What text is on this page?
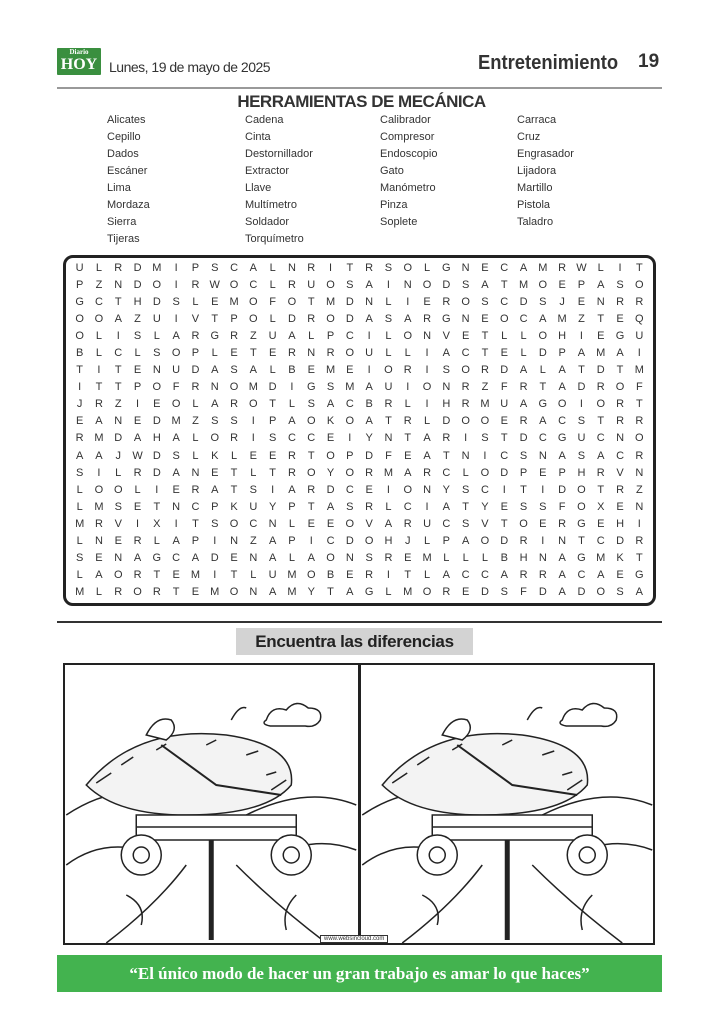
Diario
HOY Lunes, 19 de mayo de 2025	Entretenimiento 19
HERRAMIENTAS DE MECÁNICA
Alicates
Cepillo
Dados
Escáner
Lima
Mordaza
Sierra
Tijeras
Cadena
Cinta
Destornillador
Extractor
Llave
Multímetro
Soldador
Torquímetro
Calibrador
Compresor
Endoscopio
Gato
Manómetro
Pinza
Soplete
Carraca
Cruz
Engrasador
Lijadora
Martillo
Pistola
Taladro
U	L	R	D M	I	P	S	C	A	L	N	R	I	T	R	S	O	L	G	N	E	C	A	M R W	L	I	T
P	Z	N	D	O	I	R W O	C	L	R	U	O	S	A	I	N	O	D	S	A	T	M O	E	P	A	S	O
G	C	T	H	D	S	L	E	M O	F	O	T	M D	N	L	I	E	R	O	S	C	D	S	J	E	N	R	R
O O	A	Z	U	I	V	T	P	O	L	D	R	O	D	A	S	A	R	G	N	E	O	C	A	M	Z	T	E	Q
O	L	I	S	L	A	R	G	R	Z	U	A	L	P	C	I	L	O	N	V	E	T	L	L	O	H	I	E	G	U
B	L	C	L	S	O	P	L	E	T	E	R	N	R	O	U	L	L	I	A	C	T	E	L	D	P	A	M	A	I
T	I	T	E	N	U	D	A	S	A	L	B	E	M	E	I	O	R	I	S	O	R	D	A	L	A	T	D	T	M
I	T	T	P	O	F	R	N	O M D	I	G	S	M	A	U	I	O	N	R	Z	F	R	T	A	D	R	O	F
J	R	Z	I	E	O	L	A	R	O	T	L	S	A	C	B	R	L	I	H	R M U	A	G O	I	O	R	T
E	A	N	E	D M	Z	S	S	I	P	A	O	K	O	A	T	R	L	D	O O	E	R	A	C	S	T	R	R
R M D	A	H	A	L	O	R	I	S	C	C	E	I	Y	N	T	A	R	I	S	T	D	C	G	U	C	N	O
A	A	J	W D	S	L	K	L	E	E	R	T	O	P	D	F	E	A	T	N	I	C	S	N	A	S	A	C	R
S	I	L	R	D	A	N	E	T	L	T	R	O	Y	O	R M	A	R	C	L	O	D	P	E	P	H	R	V	N
L	O O	L	I	E	R	A	T	S	I	A	R	D	C	E	I	O	N	Y	S	C	I	T	I	D	O	T	R	Z
L	M	S	E	T	N	C	P	K	U	Y	P	T	A	S	R	L	C	I	A	T	Y	E	S	S	F	O	X	E	N
M R	V	I	X	I	T	S	O	C	N	L	E	E	O	V	A	R	U	C	S	V	T	O	E	R	G	E	H	I
L	N	E	R	L	A	P	I	N	Z	A	P	I	C	D	O	H	J	L	P	A	O	D	R	I	N	T	C	D	R
S	E	N	A	G	C	A	D	E	N	A	L	A	O	N	S	R	E	M	L	L	L	B	H	N	A	G M	K	T
L	A	O	R	T	E	M	I	T	L	U M O	B	E	R	I	T	L	A	C	C	A	R	R	A	C	A	E	G
M	L	R	O	R	T	E	M O	N	A	M	Y	T	A	G	L	M O	R	E	D	S	F	D	A	D	O	S	A
Encuentra las diferencias
www.websincloud.com
“El único modo de hacer un gran trabajo es amar lo que haces”
